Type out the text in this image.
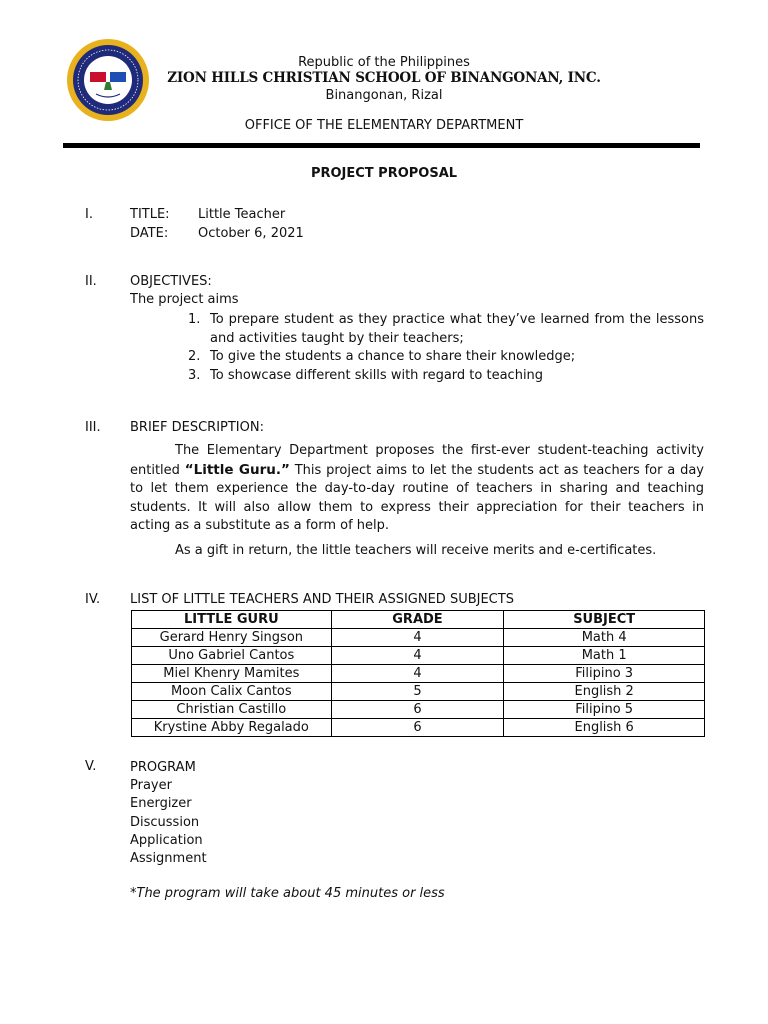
Republic of the Philippines
ZION HILLS CHRISTIAN SCHOOL OF BINANGONAN, INC.
Binangonan, Rizal
OFFICE OF THE ELEMENTARY DEPARTMENT
PROJECT PROPOSAL
I.	TITLE: Little Teacher
DATE: October 6, 2021
II.	OBJECTIVES:
The project aims
1. To prepare student as they practice what they’ve learned from the lessons and activities taught by their teachers;
2. To give the students a chance to share their knowledge;
3. To showcase different skills with regard to teaching
III. BRIEF DESCRIPTION:

The Elementary Department proposes the first-ever student-teaching activity entitled “Little Guru.” This project aims to let the students act as teachers for a day to let them experience the day-to-day routine of teachers in sharing and teaching students. It will also allow them to express their appreciation for their teachers in acting as a substitute as a form of help.

As a gift in return, the little teachers will receive merits and e-certificates.

IV. LIST OF LITTLE TEACHERS AND THEIR ASSIGNED SUBJECTS
LITTLE GURU	GRADE	SUBJECT
Gerard Henry Singson	4	Math 4
Uno Gabriel Cantos	4	Math 1
Miel Khenry Mamites	4	Filipino 3
Moon Calix Cantos	5	English 2
Christian Castillo	6	Filipino 5
Krystine Abby Regalado	6	English 6
V.	PROGRAM
Prayer
Energizer
Discussion
Application
Assignment
*The program will take about 45 minutes or less
